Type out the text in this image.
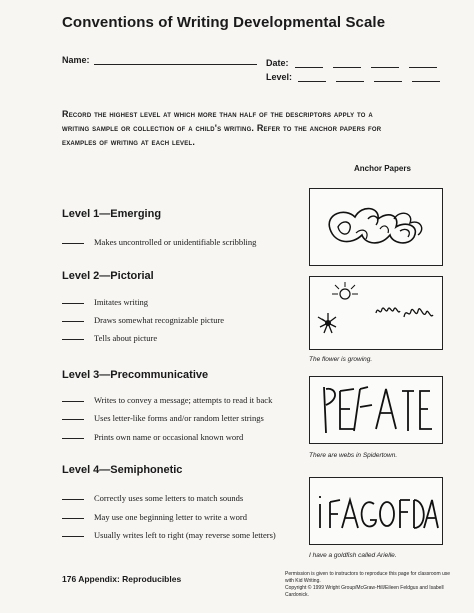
Conventions of Writing Developmental Scale
Name:	Date:
Level:
Record the highest level at which more than half of the descriptors apply to a writing sample or collection of a child's writing. Refer to the anchor papers for examples of writing at each level.
Anchor Papers
Level 1—Emerging
Makes uncontrolled or unidentifiable scribbling
Level 2—Pictorial
Imitates writing
Draws somewhat recognizable picture
Tells about picture
Level 3—Precommunicative
Writes to convey a message; attempts to read it back
Uses letter-like forms and/or random letter strings
Prints own name or occasional known word
Level 4—Semiphonetic
Correctly uses some letters to match sounds
May use one beginning letter to write a word
Usually writes left to right (may reverse some letters)
The flower is growing.
There are webs in Spidertown.
I have a goldfish called Arielle.
176 Appendix: Reproducibles	Permission is given to instructors to reproduce this page for classroom use with Kid Writing.
Copyright © 1999 Wright Group/McGraw-Hill/Eileen Feldgus and Isabell Cardonick.
